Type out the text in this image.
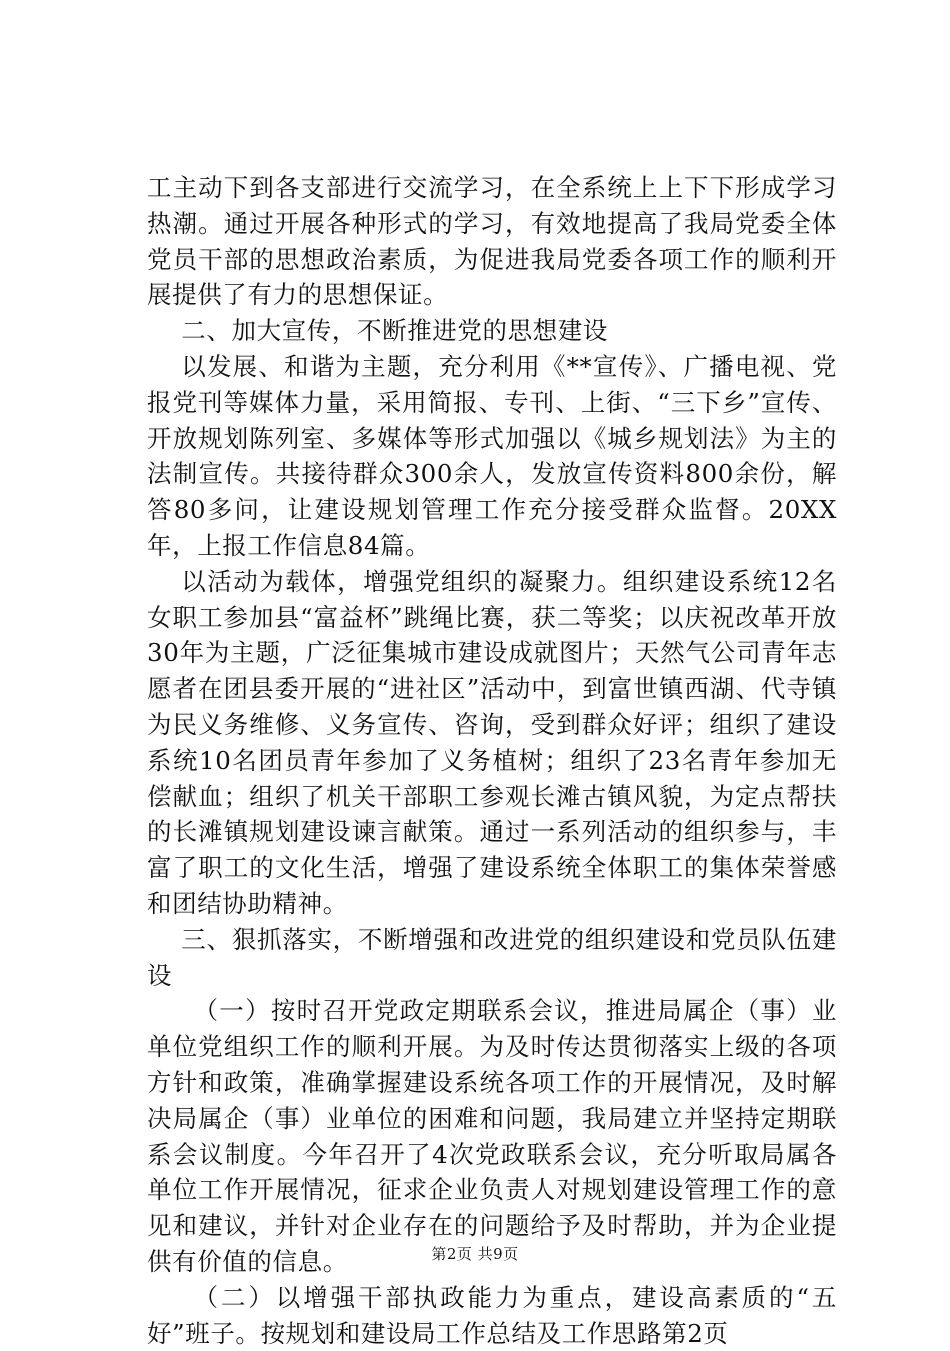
工主动下到各支部进行交流学习，在全系统上上下下形成学习热潮。通过开展各种形式的学习，有效地提高了我局党委全体党员干部的思想政治素质，为促进我局党委各项工作的顺利开展提供了有力的思想保证。

二、加大宣传，不断推进党的思想建设

以发展、和谐为主题，充分利用《**宣传》、广播电视、党报党刊等媒体力量，采用简报、专刊、上街、“三下乡”宣传、开放规划陈列室、多媒体等形式加强以《城乡规划法》为主的法制宣传。共接待群众300余人，发放宣传资料800余份，解答80多问，让建设规划管理工作充分接受群众监督。20XX年，上报工作信息84篇。

以活动为载体，增强党组织的凝聚力。组织建设系统12名女职工参加县“富益杯”跳绳比赛，获二等奖；以庆祝改革开放30年为主题，广泛征集城市建设成就图片；天然气公司青年志愿者在团县委开展的“进社区”活动中，到富世镇西湖、代寺镇为民义务维修、义务宣传、咨询，受到群众好评；组织了建设系统10名团员青年参加了义务植树；组织了23名青年参加无偿献血；组织了机关干部职工参观长滩古镇风貌，为定点帮扶的长滩镇规划建设谏言献策。通过一系列活动的组织参与，丰富了职工的文化生活，增强了建设系统全体职工的集体荣誉感和团结协助精神。

三、狠抓落实，不断增强和改进党的组织建设和党员队伍建设

（一）按时召开党政定期联系会议，推进局属企（事）业单位党组织工作的顺利开展。为及时传达贯彻落实上级的各项方针和政策，准确掌握建设系统各项工作的开展情况，及时解决局属企（事）业单位的困难和问题，我局建立并坚持定期联系会议制度。今年召开了4次党政联系会议，充分听取局属各单位工作开展情况，征求企业负责人对规划建设管理工作的意见和建议，并针对企业存在的问题给予及时帮助，并为企业提供有价值的信息。

（二）以增强干部执政能力为重点，建设高素质的“五好”班子。按规划和建设局工作总结及工作思路第2页

第2页 共9页
